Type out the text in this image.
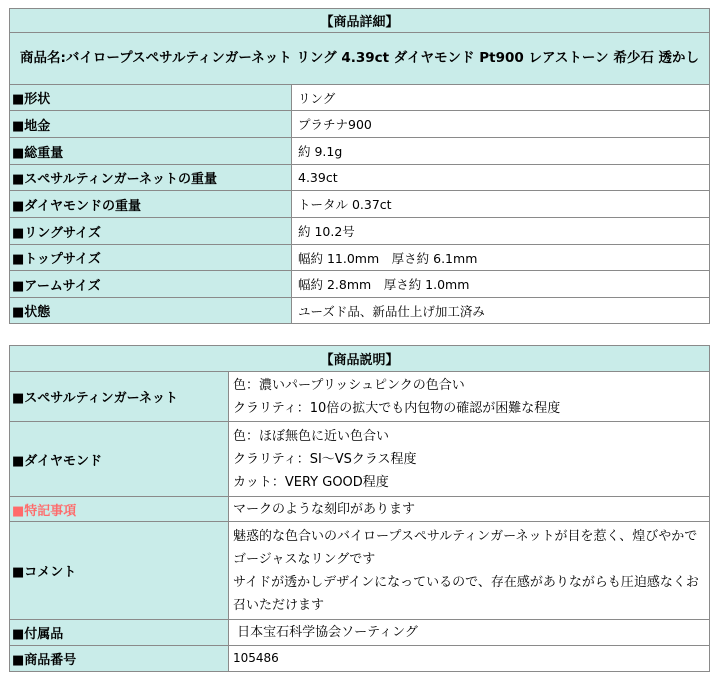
【商品詳細】	
商品名:バイロープスペサルティンガーネット リング 4.39ct ダイヤモンド Pt900 レアストーン 希少石 透かし	
■形状	リング
■地金	プラチナ900
■総重量	約 9.1g
■スペサルティンガーネットの重量	4.39ct
■ダイヤモンドの重量	トータル 0.37ct
■リングサイズ	約 10.2号
■トップサイズ	幅約 11.0mm　厚さ約 6.1mm
■アームサイズ	幅約 2.8mm　厚さ約 1.0mm
■状態	ユーズド品、新品仕上げ加工済み
【商品説明】	
■スペサルティンガーネット	色：濃いパープリッシュピンクの色合い
クラリティ：10倍の拡大でも内包物の確認が困難な程度

■ダイヤモンド	色：ほぼ無色に近い色合い
クラリティ：SI～VSクラス程度
カット：VERY GOOD程度

■特記事項	マークのような刻印があります
■コメント	魅惑的な色合いのバイロープスペサルティンガーネットが目を惹く、煌びやかでゴージャスなリングです
サイドが透かしデザインになっているので、存在感がありながらも圧迫感なくお召いただけます

■付属品	日本宝石科学協会ソーティング
■商品番号	105486
